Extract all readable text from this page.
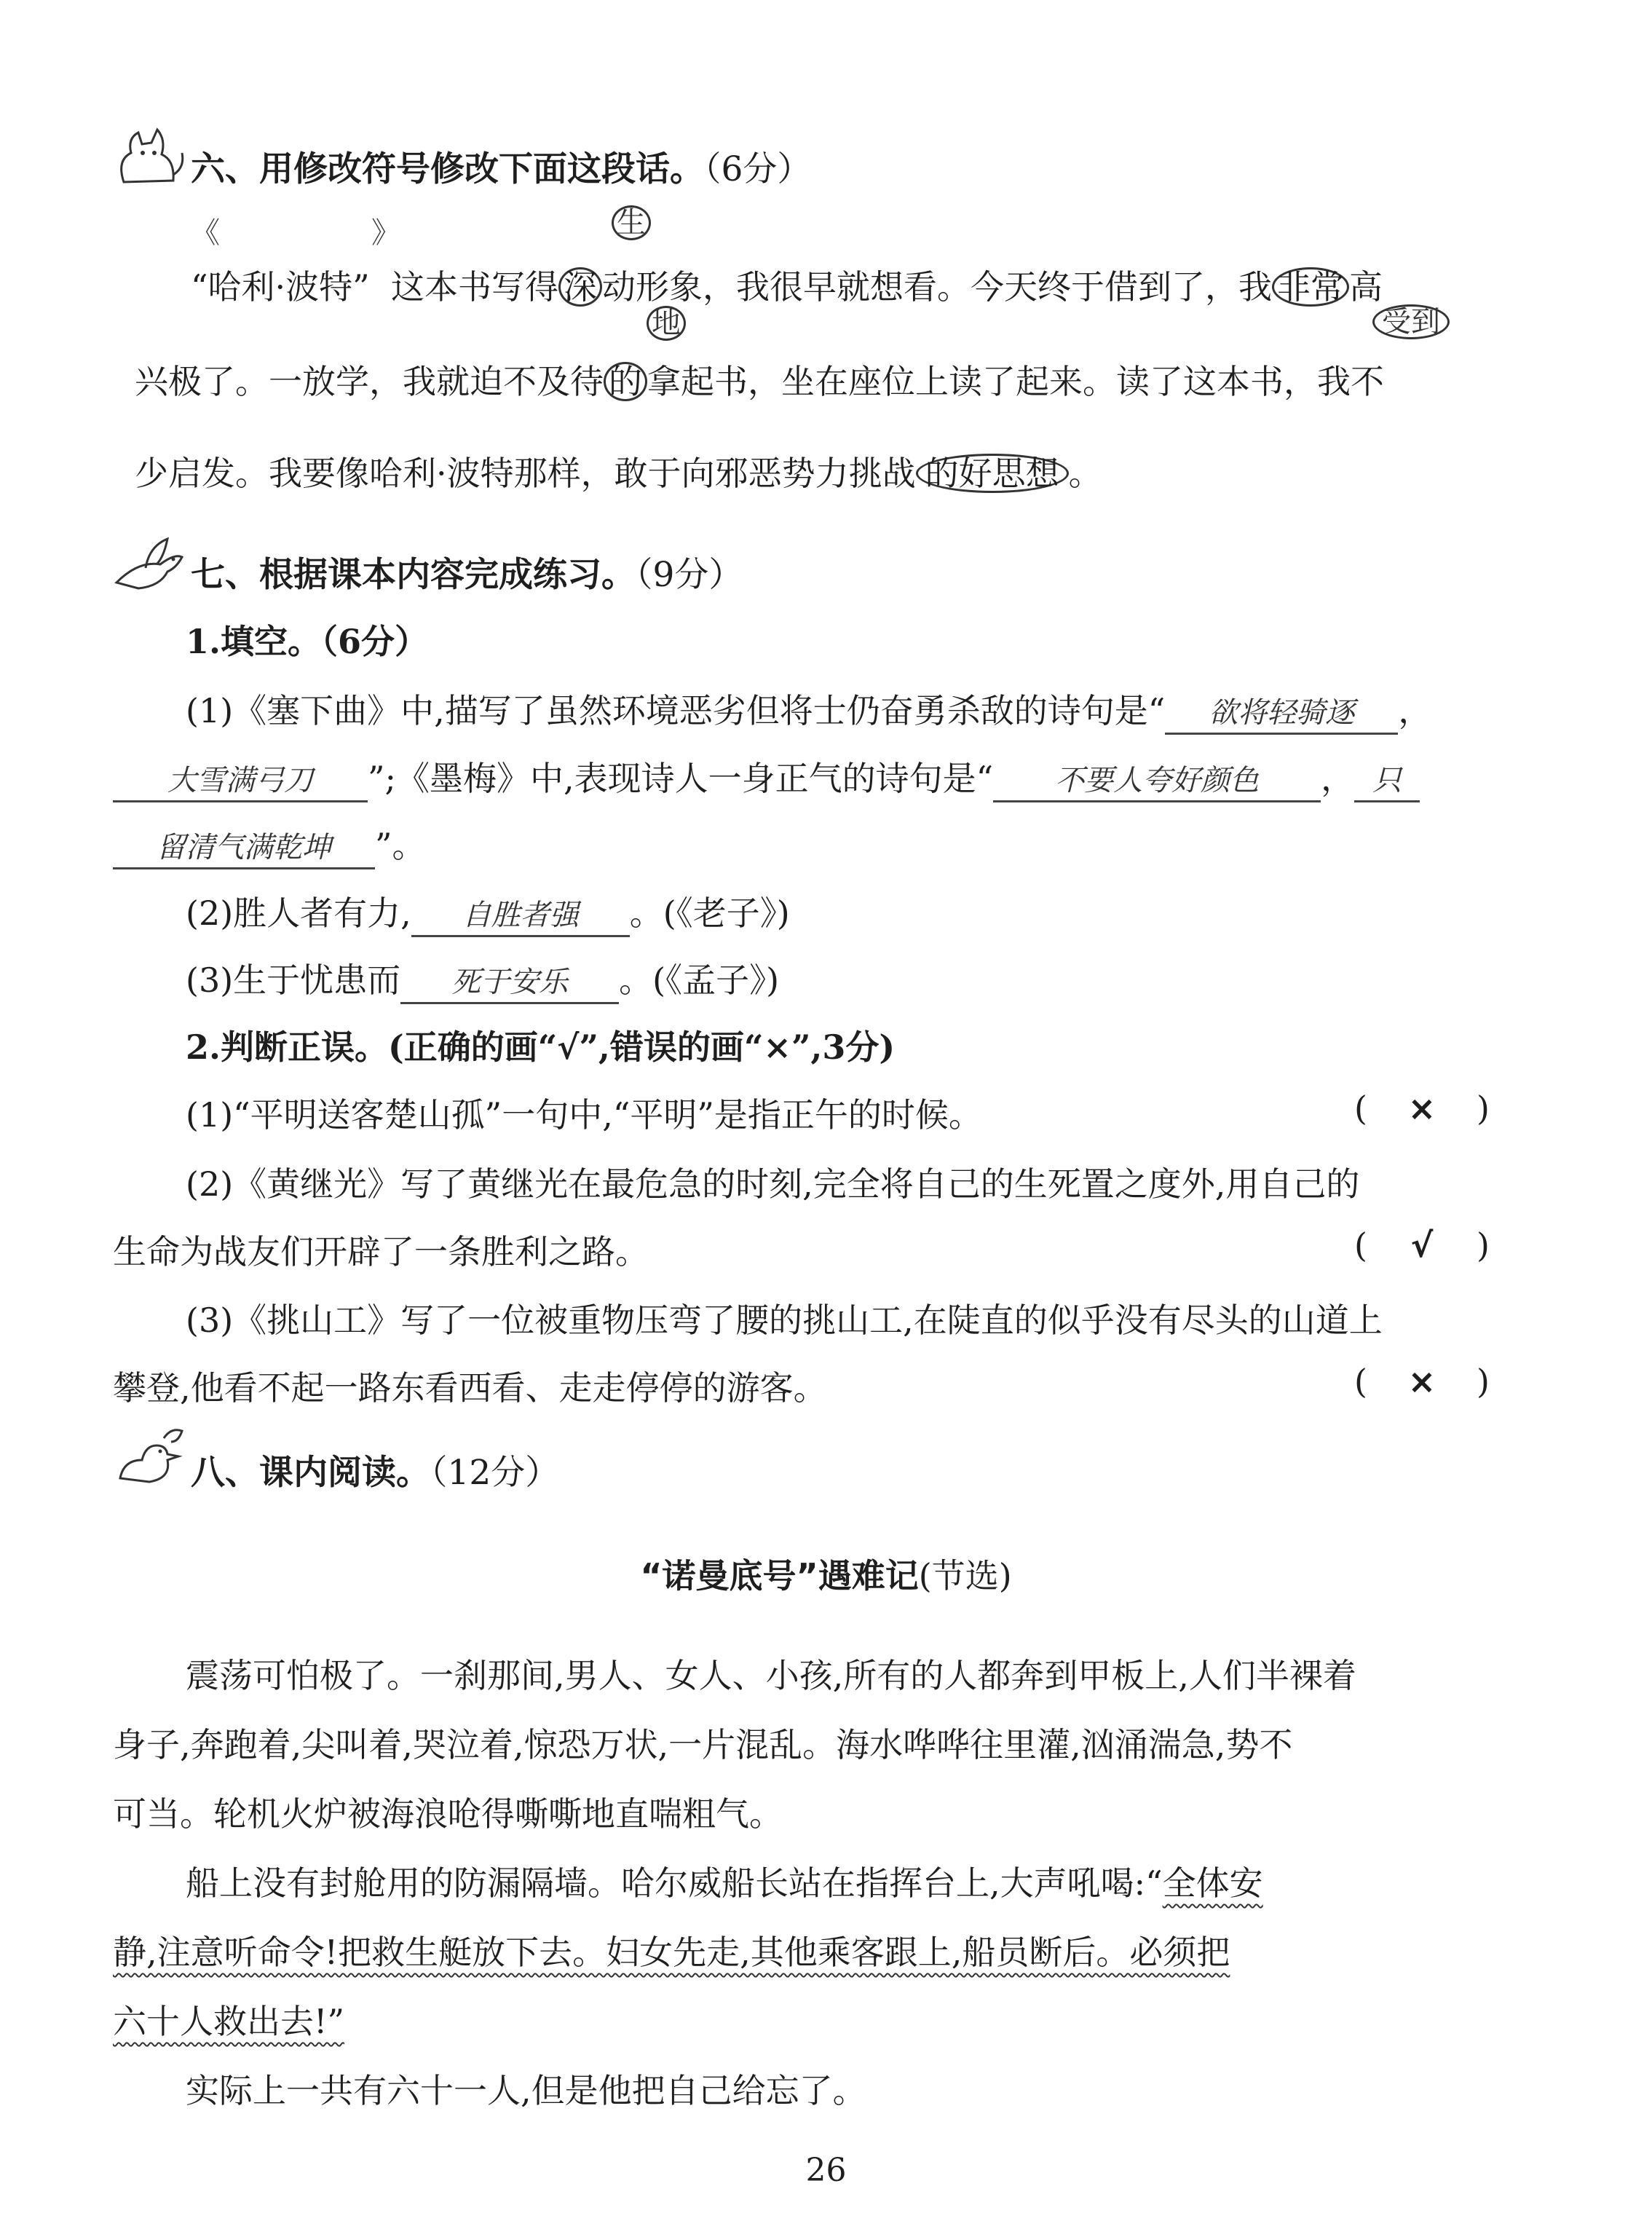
六、用修改符号修改下面这段话。（6分）
《	》	生
“哈利·波特” 这本书写得 深 动形象，我很早就想看。今天终于借到了，我 非常 高
地	受到
兴极了。一放学，我就迫不及待 的 拿起书，坐在座位上读了起来。读了这本书，我不
少启发。我要像哈利·波特那样，敢于向邪恶势力挑战 的好思想 。
七、根据课本内容完成练习。（9分）
1.填空。（6分）
(1)《塞下曲》中,描写了虽然环境恶劣但将士仍奋勇杀敌的诗句是“ 欲将轻骑逐 ，
大雪满弓刀 ”;《墨梅》中,表现诗人一身正气的诗句是“ 不要人夸好颜色 ， 只
留清气满乾坤 ”。
(2)胜人者有力, 自胜者强 。(《老子》)
(3)生于忧患而 死于安乐 。(《孟子》)
2.判断正误。(正确的画“√”,错误的画“×”,3分)
(1)“平明送客楚山孤”一句中,“平明”是指正午的时候。	( × )
(2)《黄继光》写了黄继光在最危急的时刻,完全将自己的生死置之度外,用自己的
生命为战友们开辟了一条胜利之路。	( √ )
(3)《挑山工》写了一位被重物压弯了腰的挑山工,在陡直的似乎没有尽头的山道上
攀登,他看不起一路东看西看、走走停停的游客。	( × )
八、课内阅读。（12分）
“诺曼底号”遇难记(节选)
震荡可怕极了。一刹那间,男人、女人、小孩,所有的人都奔到甲板上,人们半裸着
身子,奔跑着,尖叫着,哭泣着,惊恐万状,一片混乱。海水哗哗往里灌,汹涌湍急,势不
可当。轮机火炉被海浪呛得嘶嘶地直喘粗气。
船上没有封舱用的防漏隔墙。哈尔威船长站在指挥台上,大声吼喝:“全体安
静,注意听命令!把救生艇放下去。妇女先走,其他乘客跟上,船员断后。必须把
六十人救出去!”
实际上一共有六十一人,但是他把自己给忘了。
26
